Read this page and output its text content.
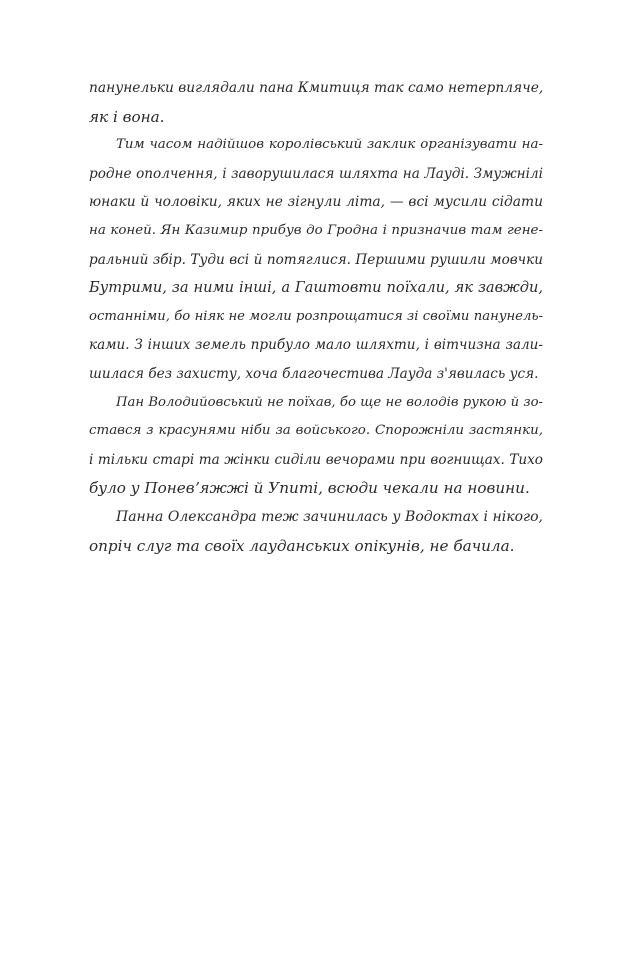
панунельки виглядали пана Кмитиця так само нетерпляче,
як і вона.
Тим часом надійшов королівський заклик організувати на-
родне ополчення, і заворушилася шляхта на Лауді. Змужнілі
юнаки й чоловіки, яких не зігнули літа, — всі мусили сідати
на коней. Ян Казимир прибув до Гродна і призначив там гене-
ральний збір. Туди всі й потяглися. Першими рушили мовчки
Бутрими, за ними інші, а Гаштовти поїхали, як завжди,
останніми, бо ніяк не могли розпрощатися зі своїми панунель-
ками. З інших земель прибуло мало шляхти, і вітчизна зали-
шилася без захисту, хоча благочестива Лауда з'явилась уся.
Пан Володийовський не поїхав, бо ще не володів рукою й зо-
стався з красунями ніби за войського. Спорожніли застянки,
і тільки старі та жінки сиділи вечорами при вогнищах. Тихо
було у Поневʼяжжі й Упиті, всюди чекали на новини.
Панна Олександра теж зачинилась у Водоктах і нікого,
опріч слуг та своїх лауданських опікунів, не бачила.
